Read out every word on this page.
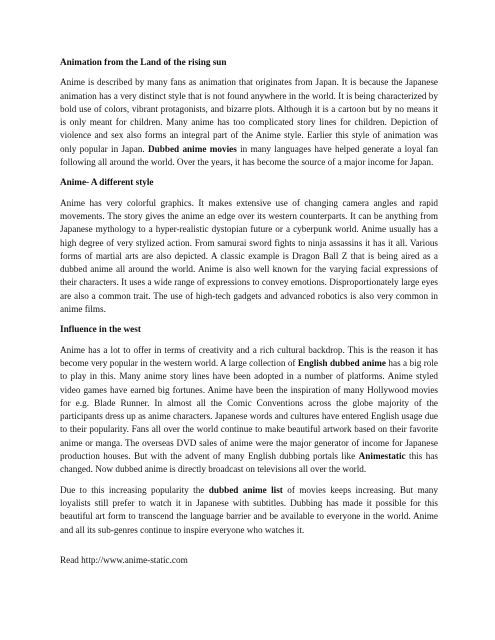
Animation from the Land of the rising sun

Anime is described by many fans as animation that originates from Japan. It is because the Japanese animation has a very distinct style that is not found anywhere in the world. It is being characterized by bold use of colors, vibrant protagonists, and bizarre plots. Although it is a cartoon but by no means it is only meant for children. Many anime has too complicated story lines for children. Depiction of violence and sex also forms an integral part of the Anime style. Earlier this style of animation was only popular in Japan. Dubbed anime movies in many languages have helped generate a loyal fan following all around the world. Over the years, it has become the source of a major income for Japan.

Anime- A different style

Anime has very colorful graphics. It makes extensive use of changing camera angles and rapid movements. The story gives the anime an edge over its western counterparts. It can be anything from Japanese mythology to a hyper-realistic dystopian future or a cyberpunk world. Anime usually has a high degree of very stylized action. From samurai sword fights to ninja assassins it has it all. Various forms of martial arts are also depicted. A classic example is Dragon Ball Z that is being aired as a dubbed anime all around the world. Anime is also well known for the varying facial expressions of their characters. It uses a wide range of expressions to convey emotions. Disproportionately large eyes are also a common trait. The use of high-tech gadgets and advanced robotics is also very common in anime films.

Influence in the west

Anime has a lot to offer in terms of creativity and a rich cultural backdrop. This is the reason it has become very popular in the western world. A large collection of English dubbed anime has a big role to play in this. Many anime story lines have been adopted in a number of platforms. Anime styled video games have earned big fortunes. Anime have been the inspiration of many Hollywood movies for e.g. Blade Runner. In almost all the Comic Conventions across the globe majority of the participants dress up as anime characters. Japanese words and cultures have entered English usage due to their popularity. Fans all over the world continue to make beautiful artwork based on their favorite anime or manga. The overseas DVD sales of anime were the major generator of income for Japanese production houses. But with the advent of many English dubbing portals like Animestatic this has changed. Now dubbed anime is directly broadcast on televisions all over the world.

Due to this increasing popularity the dubbed anime list of movies keeps increasing. But many loyalists still prefer to watch it in Japanese with subtitles. Dubbing has made it possible for this beautiful art form to transcend the language barrier and be available to everyone in the world. Anime and all its sub-genres continue to inspire everyone who watches it.

Read http://www.anime-static.com
